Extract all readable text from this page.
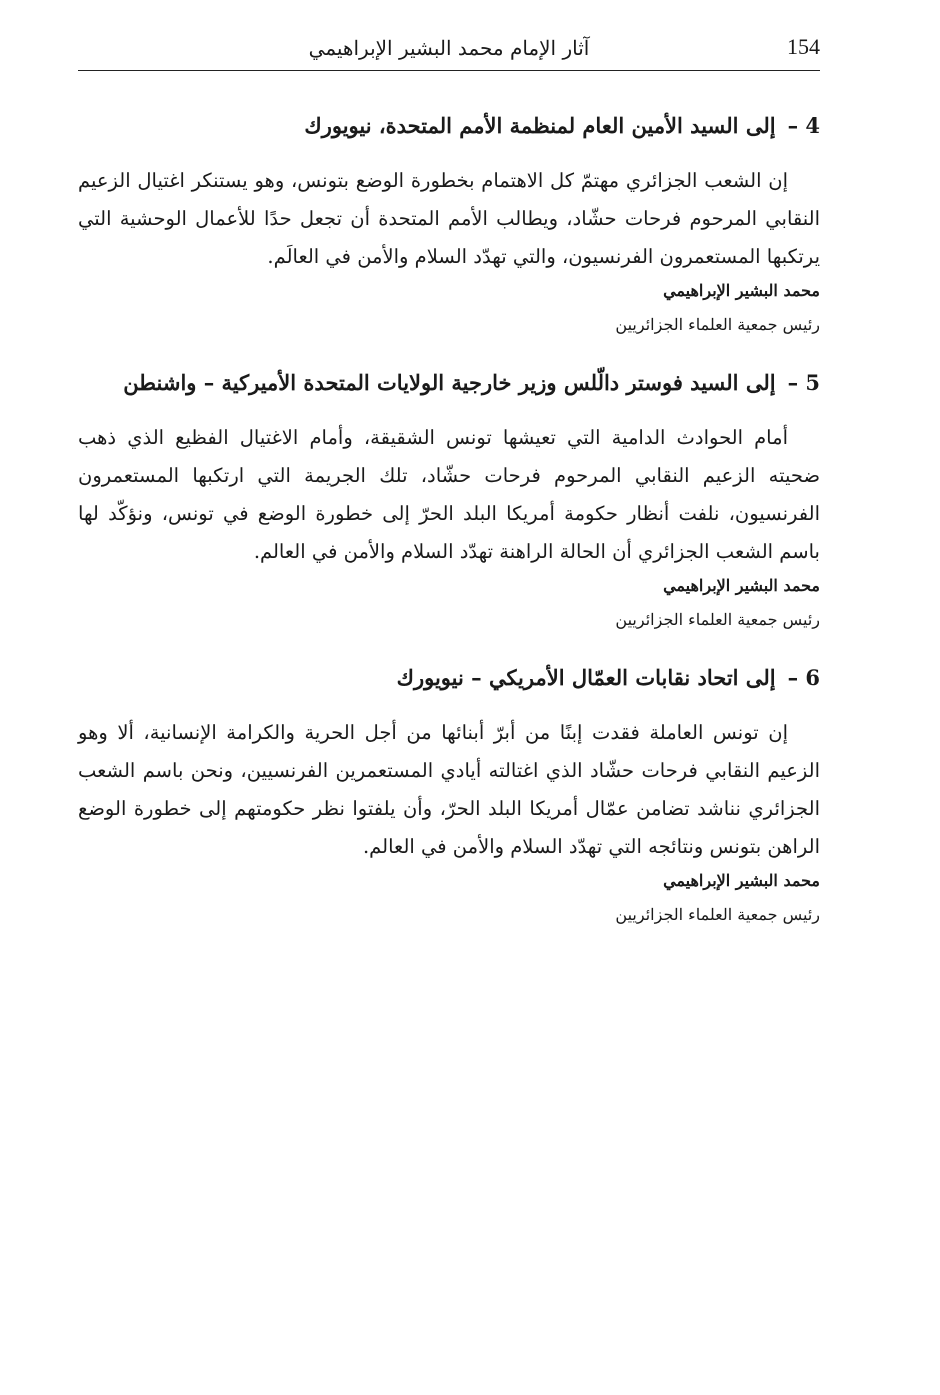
154
آثار الإمام محمد البشير الإبراهيمي
4 –إلى السيد الأمين العام لمنظمة الأمم المتحدة، نيويورك

إن الشعب الجزائري مهتمّ كل الاهتمام بخطورة الوضع بتونس، وهو يستنكر اغتيال الزعيم النقابي المرحوم فرحات حشّاد، ويطالب الأمم المتحدة أن تجعل حدًا للأعمال الوحشية التي يرتكبها المستعمرون الفرنسيون، والتي تهدّد السلام والأمن في العالَم.

محمد البشير الإبراهيمي

رئيس جمعية العلماء الجزائريين

5 –إلى السيد فوستر دالّلس وزير خارجية الولايات المتحدة الأميركية – واشنطن

أمام الحوادث الدامية التي تعيشها تونس الشقيقة، وأمام الاغتيال الفظيع الذي ذهب ضحيته الزعيم النقابي المرحوم فرحات حشّاد، تلك الجريمة التي ارتكبها المستعمرون الفرنسيون، نلفت أنظار حكومة أمريكا البلد الحرّ إلى خطورة الوضع في تونس، ونؤكّد لها باسم الشعب الجزائري أن الحالة الراهنة تهدّد السلام والأمن في العالم.

محمد البشير الإبراهيمي

رئيس جمعية العلماء الجزائريين

6 –إلى اتحاد نقابات العمّال الأمريكي – نيويورك

إن تونس العاملة فقدت إبنًا من أبرّ أبنائها من أجل الحرية والكرامة الإنسانية، ألا وهو الزعيم النقابي فرحات حشّاد الذي اغتالته أيادي المستعمرين الفرنسيين، ونحن باسم الشعب الجزائري نناشد تضامن عمّال أمريكا البلد الحرّ، وأن يلفتوا نظر حكومتهم إلى خطورة الوضع الراهن بتونس ونتائجه التي تهدّد السلام والأمن في العالم.

محمد البشير الإبراهيمي

رئيس جمعية العلماء الجزائريين
